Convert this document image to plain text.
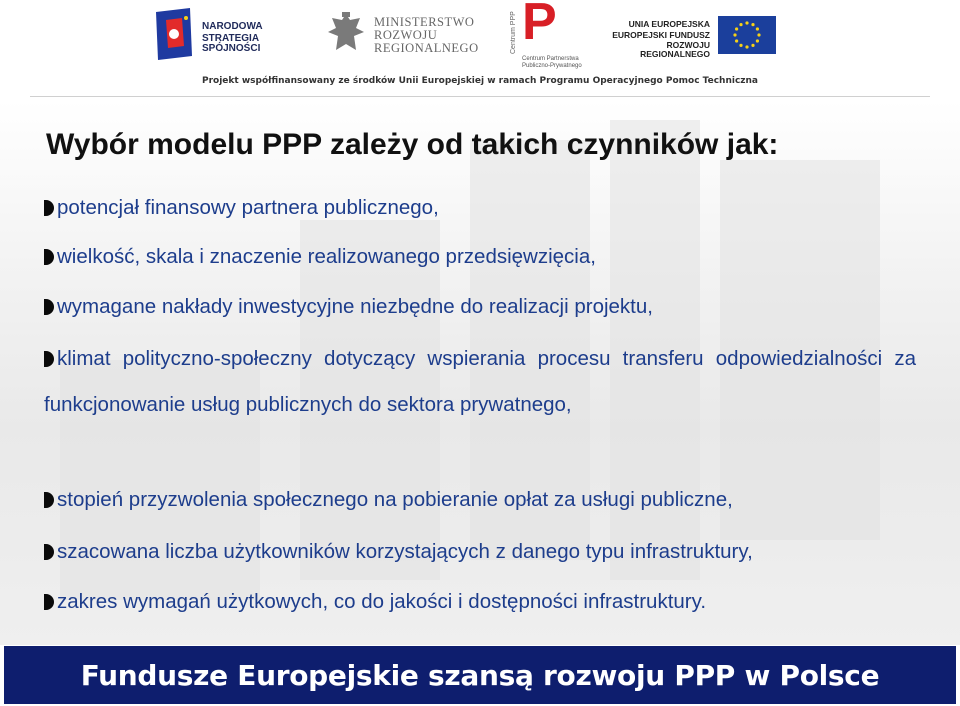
NARODOWA
STRATEGIA SPÓJNOŚCI
MINISTERSTWO
ROZWOJU
REGIONALNEGO	Centrum PPP P
Centrum Partnerstwa
Publiczno-Prywatnego
UNIA EUROPEJSKA
EUROPEJSKI FUNDUSZ
ROZWOJU REGIONALNEGO
Projekt współfinansowany ze środków Unii Europejskiej w ramach Programu Operacyjnego Pomoc Techniczna
Wybór modelu PPP zależy od takich czynników jak:
potencjał finansowy partnera publicznego,
wielkość, skala i znaczenie realizowanego przedsięwzięcia,
wymagane nakłady inwestycyjne niezbędne do realizacji projektu,
klimat polityczno-społeczny dotyczący wspierania procesu transferu odpowiedzialności za funkcjonowanie usług publicznych do sektora prywatnego,
stopień przyzwolenia społecznego na pobieranie opłat za usługi publiczne,
szacowana liczba użytkowników korzystających z danego typu infrastruktury,
zakres wymagań użytkowych, co do jakości i dostępności infrastruktury.
Fundusze Europejskie szansą rozwoju PPP w Polsce
